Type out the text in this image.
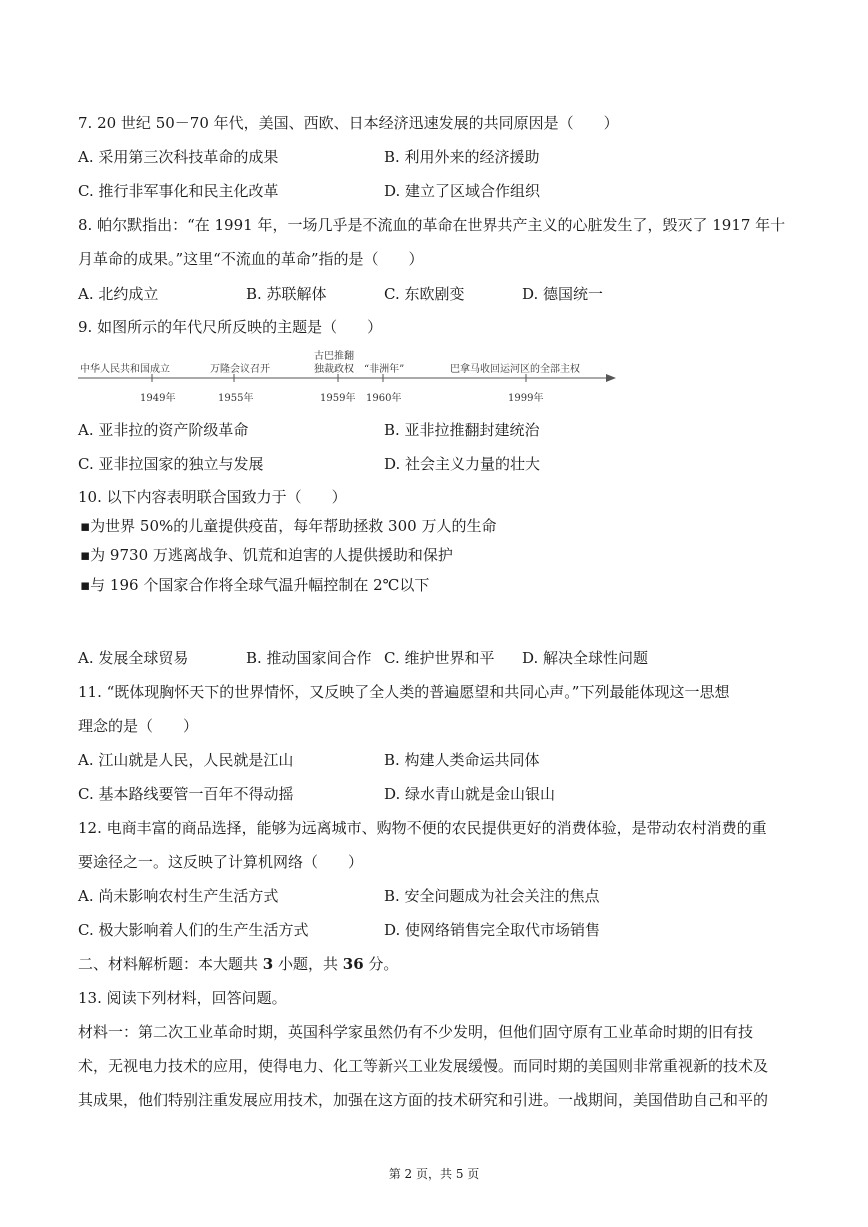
7. 20 世纪 50－70 年代，美国、西欧、日本经济迅速发展的共同原因是（　　）
A. 采用第三次科技革命的成果	B. 利用外来的经济援助
C. 推行非军事化和民主化改革	D. 建立了区域合作组织
8. 帕尔默指出：“在 1991 年，一场几乎是不流血的革命在世界共产主义的心脏发生了，毁灭了 1917 年十
月革命的成果。”这里“不流血的革命”指的是（　　）
A. 北约成立	B. 苏联解体	C. 东欧剧变	D. 德国统一
9. 如图所示的年代尺所反映的主题是（　　）
中华人民共和国成立	万隆会议召开
古巴推翻
独裁政权 “非洲年”	巴拿马收回运河区的全部主权
1949年	1955年	1959年 1960年	1999年
A. 亚非拉的资产阶级革命	B. 亚非拉推翻封建统治
C. 亚非拉国家的独立与发展	D. 社会主义力量的壮大
10. 以下内容表明联合国致力于（　　）
▪为世界 50%的儿童提供疫苗，每年帮助拯救 300 万人的生命
▪为 9730 万逃离战争、饥荒和迫害的人提供援助和保护
▪与 196 个国家合作将全球气温升幅控制在 2℃以下
A. 发展全球贸易	B. 推动国家间合作 C. 维护世界和平 D. 解决全球性问题
11. “既体现胸怀天下的世界情怀，又反映了全人类的普遍愿望和共同心声。”下列最能体现这一思想
理念的是（　　）
A. 江山就是人民，人民就是江山	B. 构建人类命运共同体
C. 基本路线要管一百年不得动摇	D. 绿水青山就是金山银山
12. 电商丰富的商品选择，能够为远离城市、购物不便的农民提供更好的消费体验，是带动农村消费的重
要途径之一。这反映了计算机网络（　　）
A. 尚未影响农村生产生活方式	B. 安全问题成为社会关注的焦点
C. 极大影响着人们的生产生活方式	D. 使网络销售完全取代市场销售
二、材料解析题：本大题共 3 小题，共 36 分。
13. 阅读下列材料，回答问题。
材料一：第二次工业革命时期，英国科学家虽然仍有不少发明，但他们固守原有工业革命时期的旧有技
术，无视电力技术的应用，使得电力、化工等新兴工业发展缓慢。而同时期的美国则非常重视新的技术及
其成果，他们特别注重发展应用技术，加强在这方面的技术研究和引进。一战期间，美国借助自己和平的
第 2 页，共 5 页
